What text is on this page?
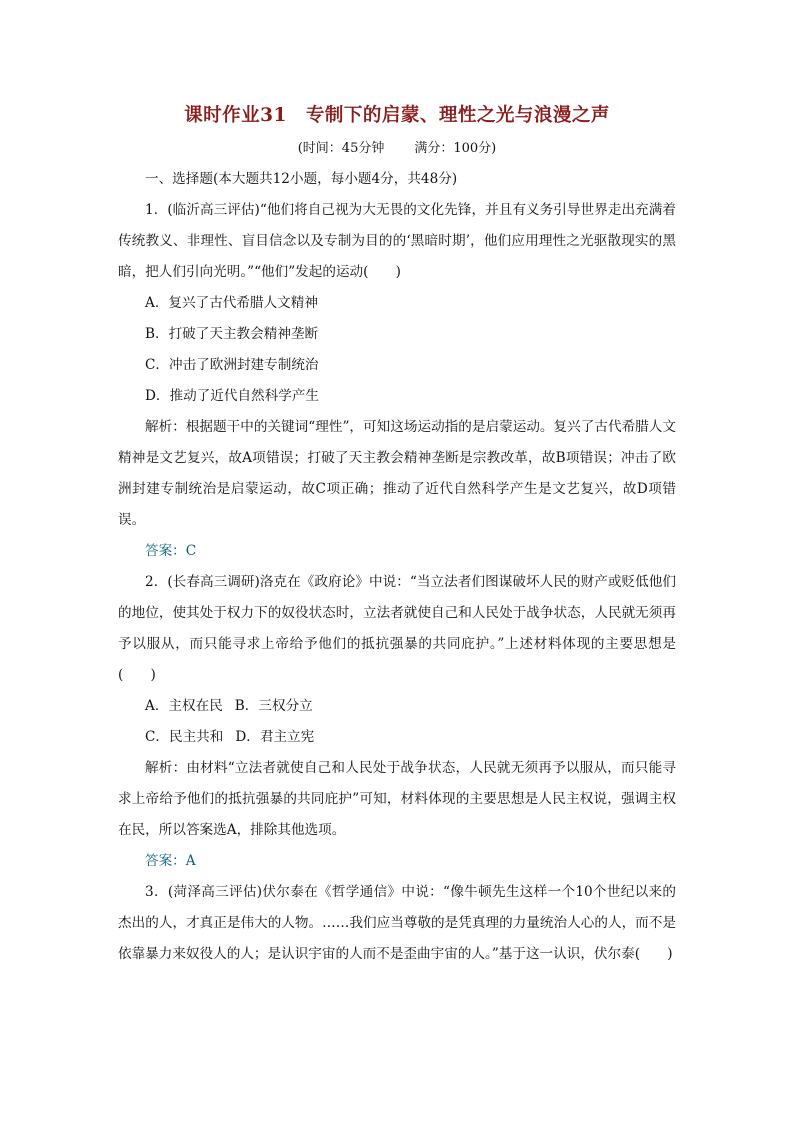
课时作业31　专制下的启蒙、理性之光与浪漫之声
(时间：45分钟 满分：100分)

一、选择题(本大题共12小题，每小题4分，共48分)

1．(临沂高三评估)“他们将自己视为大无畏的文化先锋，并且有义务引导世界走出充满着传统教义、非理性、盲目信念以及专制为目的的‘黑暗时期’，他们应用理性之光驱散现实的黑暗，把人们引向光明。”“他们”发起的运动(　　)

A．复兴了古代希腊人文精神

B．打破了天主教会精神垄断

C．冲击了欧洲封建专制统治

D．推动了近代自然科学产生

解析：根据题干中的关键词“理性”，可知这场运动指的是启蒙运动。复兴了古代希腊人文精神是文艺复兴，故A项错误；打破了天主教会精神垄断是宗教改革，故B项错误；冲击了欧洲封建专制统治是启蒙运动，故C项正确；推动了近代自然科学产生是文艺复兴，故D项错误。

答案：C

2．(长春高三调研)洛克在《政府论》中说：“当立法者们图谋破坏人民的财产或贬低他们的地位，使其处于权力下的奴役状态时，立法者就使自己和人民处于战争状态，人民就无须再予以服从，而只能寻求上帝给予他们的抵抗强暴的共同庇护。”上述材料体现的主要思想是(　　)

A．主权在民 B．三权分立

C．民主共和 D．君主立宪

解析：由材料“立法者就使自己和人民处于战争状态，人民就无须再予以服从，而只能寻求上帝给予他们的抵抗强暴的共同庇护”可知，材料体现的主要思想是人民主权说，强调主权在民，所以答案选A，排除其他选项。

答案：A

3．(菏泽高三评估)伏尔泰在《哲学通信》中说：“像牛顿先生这样一个10个世纪以来的杰出的人，才真正是伟大的人物。……我们应当尊敬的是凭真理的力量统治人心的人，而不是依靠暴力来奴役人的人；是认识宇宙的人而不是歪曲宇宙的人。”基于这一认识，伏尔泰(　　)
